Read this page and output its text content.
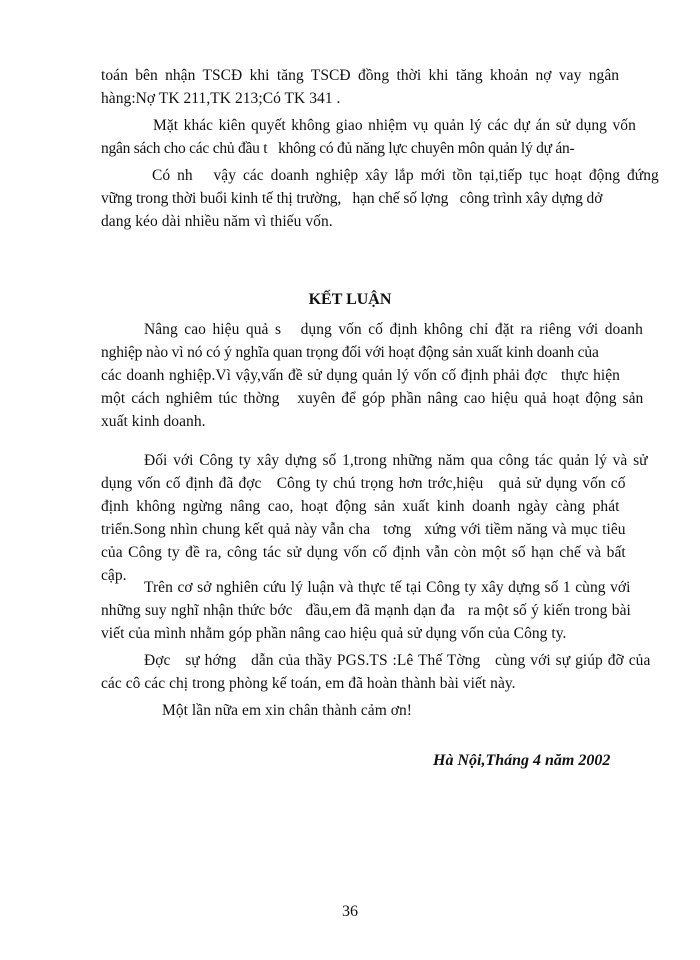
toán bên nhận TSCĐ khi tăng TSCĐ đồng thời khi tăng khoản nợ vay ngân
hàng:Nợ TK 211,TK 213;Có TK 341 .
Mặt khác kiên quyết không giao nhiệm vụ quản lý các dự án sử dụng vốn
ngân sách cho các chủ đầu t   không có đủ năng lực chuyên môn quản lý dự án-
Có nh   vậy các doanh nghiệp xây lắp mới tồn tại,tiếp tục hoạt động đứng
vững trong thời buổi kinh tế thị trường,   hạn chế số lợng   công trình xây dựng dở
dang kéo dài nhiều năm vì thiếu vốn.
KẾT LUẬN
Nâng cao hiệu quả s   dụng vốn cố định không chỉ đặt ra riêng với doanh
nghiệp nào vì nó có ý nghĩa quan trọng đối với hoạt động sản xuất kinh doanh của
các doanh nghiệp.Vì vậy,vấn đề sử dụng quản lý vốn cố định phải đợc   thực hiện
một cách nghiêm túc thờng   xuyên để góp phần nâng cao hiệu quả hoạt động sản
xuất kinh doanh.
Đối với Công ty xây dựng số 1,trong những năm qua công tác quản lý và sử
dụng vốn cố định đã đợc   Công ty chú trọng hơn trớc,hiệu   quả sử dụng vốn cố
định không ngừng nâng cao, hoạt động sản xuất kinh doanh ngày càng phát
triển.Song nhìn chung kết quả này vẫn cha   tơng   xứng với tiềm năng và mục tiêu
của Công ty đề ra, công tác sử dụng vốn cố định vẫn còn một số hạn chế và bất
cập.
Trên cơ sở nghiên cứu lý luận và thực tế tại Công ty xây dựng số 1 cùng với
những suy nghĩ nhận thức bớc   đầu,em đã mạnh dạn đa   ra một số ý kiến trong bài
viết của mình nhằm góp phần nâng cao hiệu quả sử dụng vốn của Công ty.
Đợc   sự hớng   dẫn của thầy PGS.TS :Lê Thế Tờng   cùng với sự giúp đỡ của
các cô các chị trong phòng kế toán, em đã hoàn thành bài viết này.
Một lần nữa em xin chân thành cảm ơn!
Hà Nội,Tháng 4 năm 2002
36
